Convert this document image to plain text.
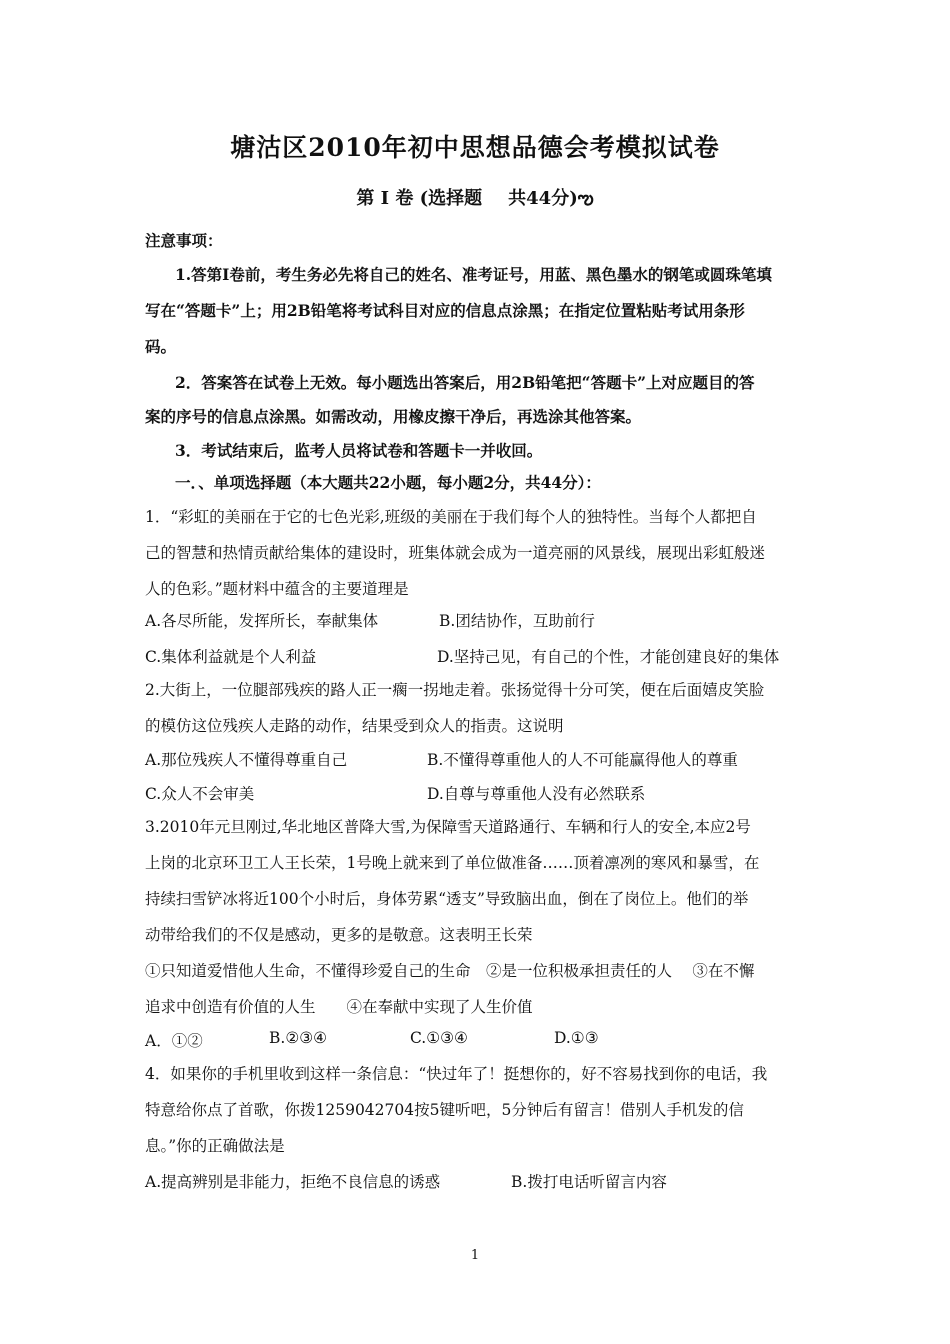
塘沽区2010年初中思想品德会考模拟试卷
第 Ⅰ 卷 (选择题 共44分)ఌ
注意事项：
1.答第Ⅰ卷前，考生务必先将自己的姓名、准考证号，用蓝、黑色墨水的钢笔或圆珠笔填
写在“答题卡”上；用2B铅笔将考试科目对应的信息点涂黑；在指定位置粘贴考试用条形
码。
2．答案答在试卷上无效。每小题选出答案后，用2B铅笔把“答题卡”上对应题目的答
案的序号的信息点涂黑。如需改动，用橡皮擦干净后，再选涂其他答案。
3．考试结束后，监考人员将试卷和答题卡一并收回。
一．、单项选择题（本大题共22小题，每小题2分，共44分）：
1．“彩虹的美丽在于它的七色光彩,班级的美丽在于我们每个人的独特性。当每个人都把自
己的智慧和热情贡献给集体的建设时，班集体就会成为一道亮丽的风景线，展现出彩虹般迷
人的色彩。”题材料中蕴含的主要道理是
A.各尽所能，发挥所长，奉献集体	B.团结协作，互助前行
C.集体利益就是个人利益	D.坚持己见，有自己的个性，才能创建良好的集体
2.大街上，一位腿部残疾的路人正一瘸一拐地走着。张扬觉得十分可笑，便在后面嬉皮笑脸
的模仿这位残疾人走路的动作，结果受到众人的指责。这说明
A.那位残疾人不懂得尊重自己	B.不懂得尊重他人的人不可能赢得他人的尊重
C.众人不会审美	D.自尊与尊重他人没有必然联系
3.2010年元旦刚过,华北地区普降大雪,为保障雪天道路通行、车辆和行人的安全,本应2号
上岗的北京环卫工人王长荣，1号晚上就来到了单位做准备……顶着凛冽的寒风和暴雪，在
持续扫雪铲冰将近100个小时后，身体劳累“透支”导致脑出血，倒在了岗位上。他们的举
动带给我们的不仅是感动，更多的是敬意。这表明王长荣
①只知道爱惜他人生命，不懂得珍爱自己的生命　②是一位积极承担责任的人　 ③在不懈
追求中创造有价值的人生　　④在奉献中实现了人生价值
A．①②	B.②③④	C.①③④	D.①③
4．如果你的手机里收到这样一条信息：“快过年了！挺想你的，好不容易找到你的电话，我
特意给你点了首歌，你拨1259042704按5键听吧，5分钟后有留言！借别人手机发的信
息。”你的正确做法是
A.提高辨别是非能力，拒绝不良信息的诱惑	B.拨打电话听留言内容
1
